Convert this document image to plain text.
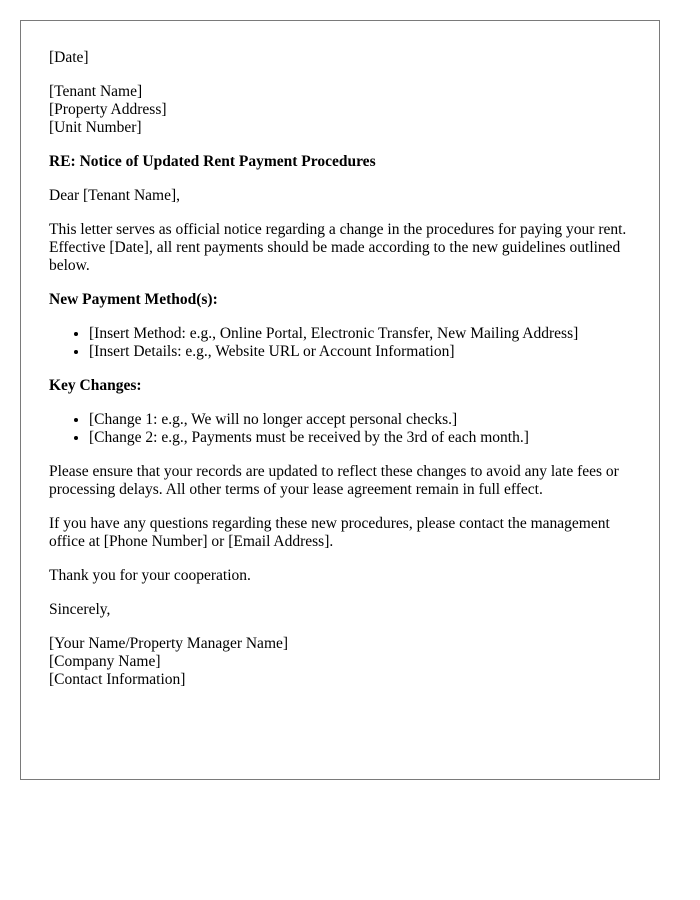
[Date]

[Tenant Name]
[Property Address]
[Unit Number]

RE: Notice of Updated Rent Payment Procedures

Dear [Tenant Name],

This letter serves as official notice regarding a change in the procedures for paying your rent. Effective [Date], all rent payments should be made according to the new guidelines outlined below.

New Payment Method(s):

• [Insert Method: e.g., Online Portal, Electronic Transfer, New Mailing Address]
• [Insert Details: e.g., Website URL or Account Information]

Key Changes:

• [Change 1: e.g., We will no longer accept personal checks.]
• [Change 2: e.g., Payments must be received by the 3rd of each month.]

Please ensure that your records are updated to reflect these changes to avoid any late fees or processing delays. All other terms of your lease agreement remain in full effect.

If you have any questions regarding these new procedures, please contact the management office at [Phone Number] or [Email Address].

Thank you for your cooperation.

Sincerely,

[Your Name/Property Manager Name]
[Company Name]
[Contact Information]
